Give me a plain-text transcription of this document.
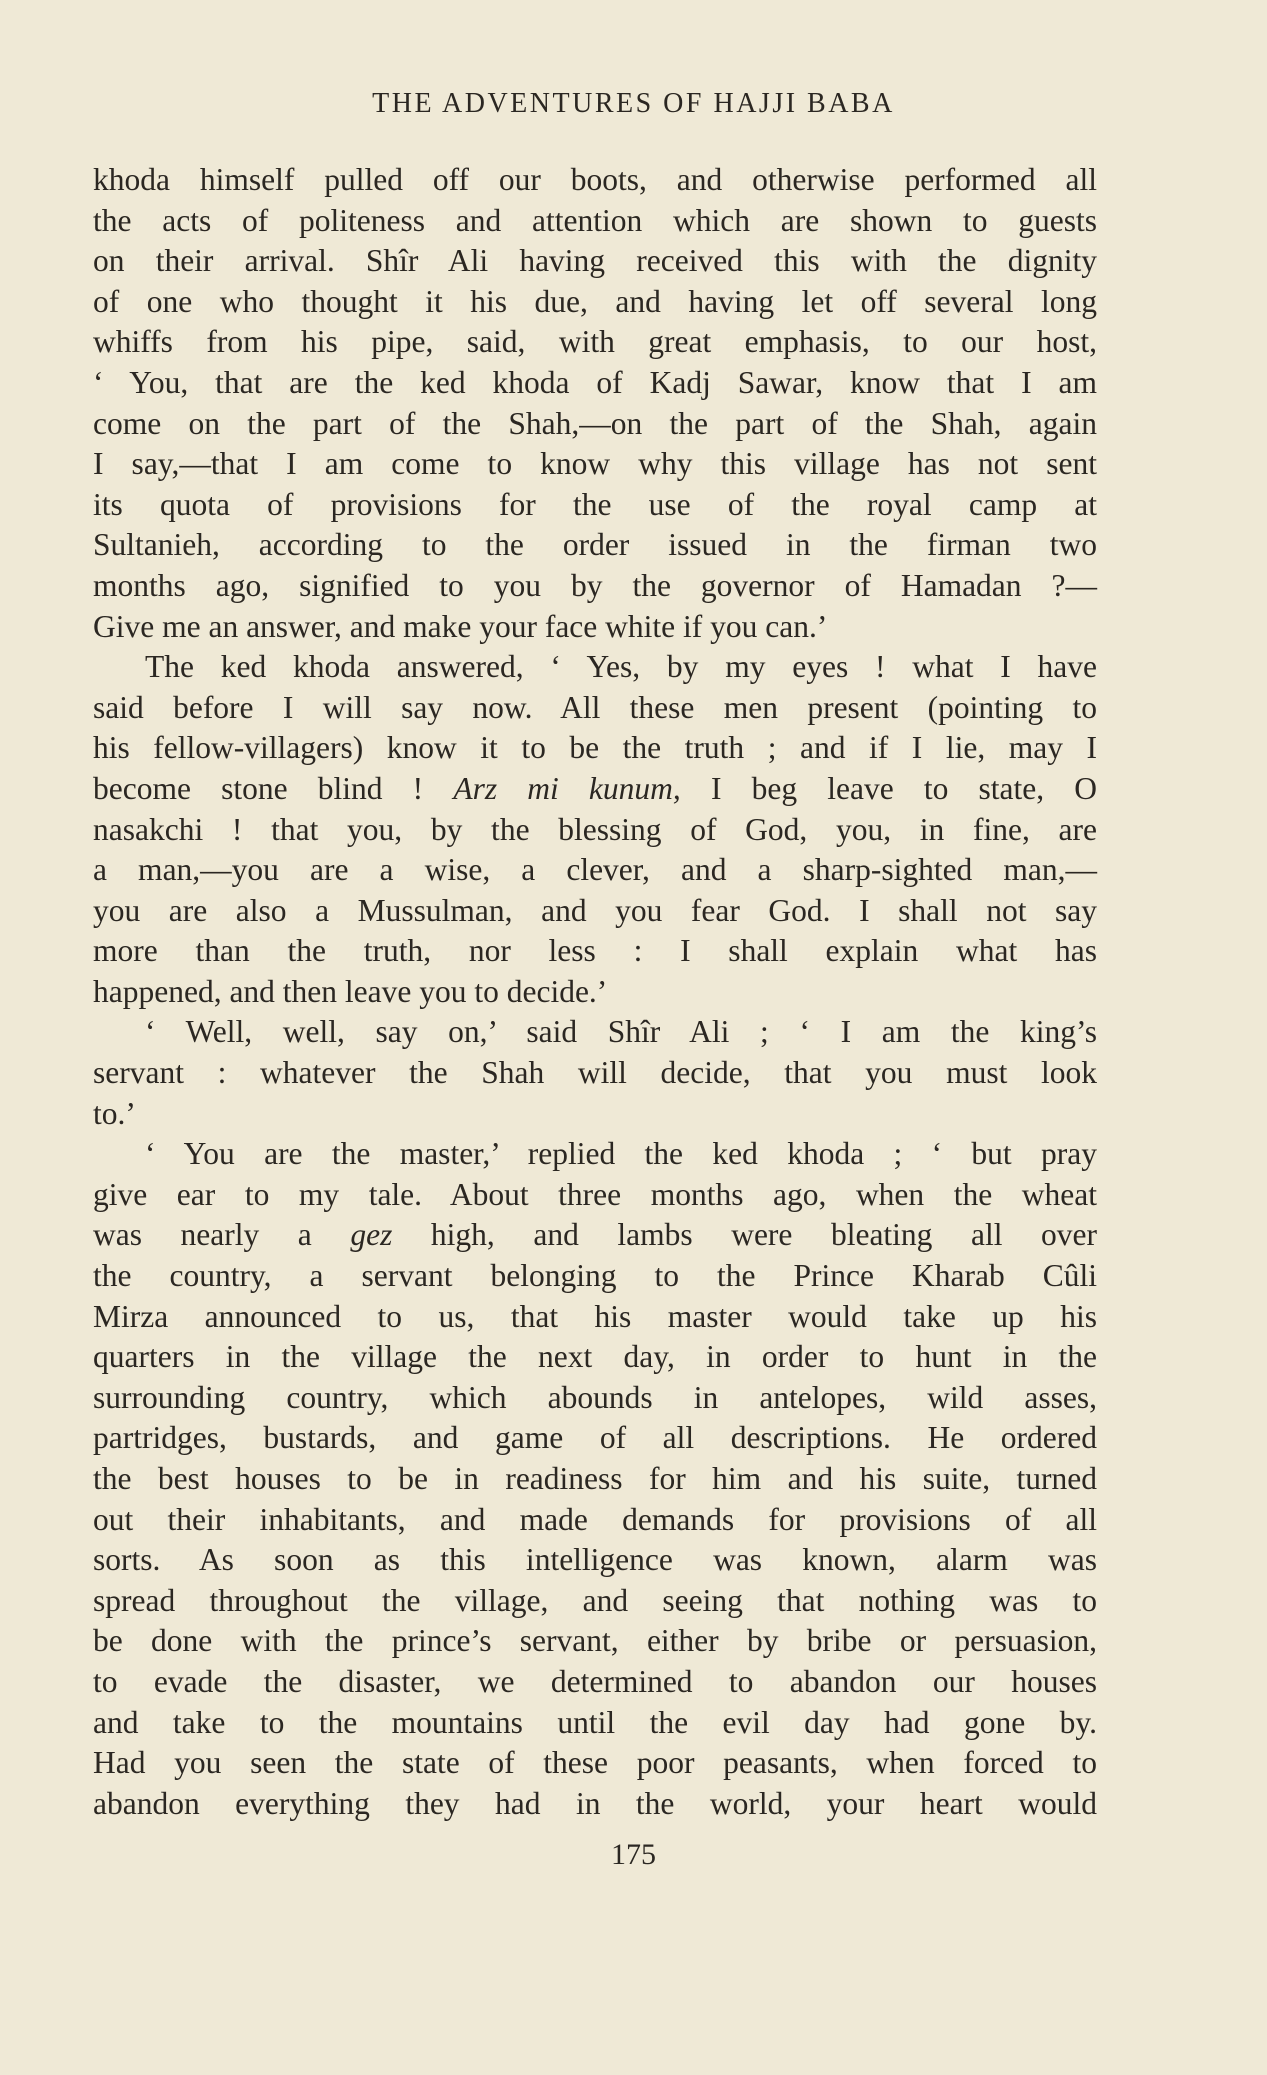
THE ADVENTURES OF HAJJI BABA
khoda himself pulled off our boots, and otherwise performed all
the acts of politeness and attention which are shown to guests
on their arrival. Shîr Ali having received this with the dignity
of one who thought it his due, and having let off several long
whiffs from his pipe, said, with great emphasis, to our host,
‘ You, that are the ked khoda of Kadj Sawar, know that I am
come on the part of the Shah,—on the part of the Shah, again
I say,—that I am come to know why this village has not sent
its quota of provisions for the use of the royal camp at
Sultanieh, according to the order issued in the firman two
months ago, signified to you by the governor of Hamadan ?—
Give me an answer, and make your face white if you can.’
The ked khoda answered, ‘ Yes, by my eyes ! what I have
said before I will say now. All these men present (pointing to
his fellow-villagers) know it to be the truth ; and if I lie, may I
become stone blind ! Arz mi kunum, I beg leave to state, O
nasakchi ! that you, by the blessing of God, you, in fine, are
a man,—you are a wise, a clever, and a sharp-sighted man,—
you are also a Mussulman, and you fear God. I shall not say
more than the truth, nor less : I shall explain what has
happened, and then leave you to decide.’
‘ Well, well, say on,’ said Shîr Ali ; ‘ I am the king’s
servant : whatever the Shah will decide, that you must look
to.’
‘ You are the master,’ replied the ked khoda ; ‘ but pray
give ear to my tale. About three months ago, when the wheat
was nearly a gez high, and lambs were bleating all over
the country, a servant belonging to the Prince Kharab Cûli
Mirza announced to us, that his master would take up his
quarters in the village the next day, in order to hunt in the
surrounding country, which abounds in antelopes, wild asses,
partridges, bustards, and game of all descriptions. He ordered
the best houses to be in readiness for him and his suite, turned
out their inhabitants, and made demands for provisions of all
sorts. As soon as this intelligence was known, alarm was
spread throughout the village, and seeing that nothing was to
be done with the prince’s servant, either by bribe or persuasion,
to evade the disaster, we determined to abandon our houses
and take to the mountains until the evil day had gone by.
Had you seen the state of these poor peasants, when forced to
abandon everything they had in the world, your heart would
175
